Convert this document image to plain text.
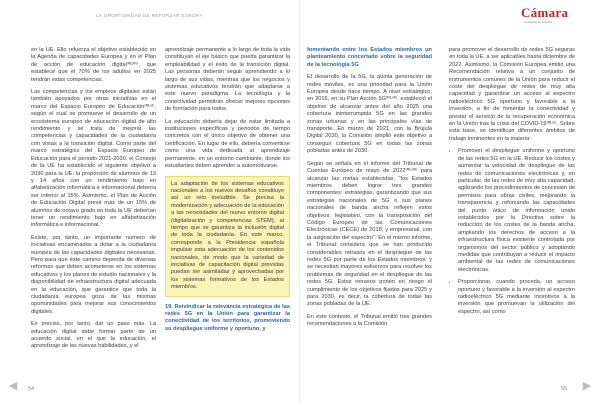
LA OPORTUNIDAD DE REFORZAR EUROPA	Cámara
Comercio de España

en la UE. Ello refuerza el objetivo establecido en la Agenda de capacidades Europea y en el Plan de acción de educación digital⁽ᴿᴸᴿᵛ⁾, que establece que el 70% de los adultos en 2025 tendrán estas competencias.

Las competencias y los empleos digitales están también apoyados por otras iniciativas en el marco del Espacio Europeo de Educación⁽ᴿᴸᵛᴵ⁾, según el cual se promueve el desarrollo de un ecosistema europeo de educación digital de alto rendimiento y se trata de mejorar las competencias y capacidades de la ciudadanía con vistas a la transición digital. Como parte del marco estratégico del Espacio Europeo de Educación para el periodo 2021-2030, el Consejo de la UE ha establecido el siguiente objetivo a 2030 para la UE: la proporción de alumnos de 13 y 14 años con un rendimiento bajo en alfabetización informática e informacional debería ser inferior al 15%. Asimismo, el Plan de Acción de Educación Digital prevé más de un 15% de alumnos de octavo grado en toda la UE deberían tener un rendimiento bajo en alfabetización informática e informacional.

Existe, por tanto, un importante número de iniciativas encaminadas a dotar a la ciudadanía europea de las capacidades digitales necesarias. Pero para que éste camino dependa de diversas reformas que deben acometerse en los sistemas educativos y los planes de estudio nacionales y la disponibilidad de infraestructura digital adecuada en la educación, que garantice que toda la ciudadanía europea goza de las mismas oportunidades para mejorar sus conocimientos digitales.

Es preciso, por tanto, dar un paso más. La educación digital debe formar parte de un acuerdo social, en el que la educación, el aprendizaje de las nuevas habilidades, y el

aprendizaje permanente a lo largo de toda la vida constituyan el eje básico que pueda garantizar la empleabilidad y el éxito de la transición digital. Las personas deberán seguir aprendiendo a lo largo de sus vidas, mientras que los negocios y sistemas educativos tendrán que adaptarse a este nuevo paradigma. La tecnología y la conectividad permitirán ofrecer mejores opciones de formación para todos.

La educación debería dejar de estar limitada a instituciones específicas y periodos de tiempo concretos con el único objetivo de obtener una certificación. En lugar de ello, debería convertirse como una vida dedicada al aprendizaje permanente, en un entorno cambiante, donde los estudiantes deben aprender a automotivarse.

La adaptación de los sistemas educativos nacionales a los nuevos desafíos constituye así un reto ineludible. Se precisa la modernización y adecuación de la educación a las necesidades del nuevo entorno digital (digitalización y competencias STEM), al tiempo que se garantiza la inclusión digital de toda la ciudadanía. En este marco, corresponde a la Presidencia española impulsar esta adecuación de los contenidos nacionales, de modo que la variedad de iniciativas de capacitación digital previstas puedan ser asimiladas y aprovechadas por los sistemas formativos de los Estados miembros.

19. Reivindicar la relevancia estratégica de las redes 5G en la Unión para garantizar la conectividad de los territorios, promoviendo su despliegue uniforme y oportuno, y

fomentando entre los Estados miembros un planteamiento concertado sobre la seguridad de la tecnología 5G

El desarrollo de la 5G, la quinta generación de redes móviles, es una prioridad para la Unión Europea desde hace tiempo. A nivel estratégico, en 2016, en su Plan Acción 5G⁽ᴿᴸᵛᴵᴵ⁾, estableció el objetivo de alcanzar antes del año 2025 una cobertura ininterrumpida 5G en las grandes zonas urbanas y en las principales vías de transporte. En marzo de 2021, con la Brújula Digital 2030, la Comisión amplió este objetivo a conseguir cobertura 5G en todas las zonas pobladas antes de 2030.

Según se señala en el informe del Tribunal de Cuentas Europeo de mayo de 2022⁽ᴿᴸᵛᴵᴵᴵ⁾ para alcanzar las metas establecidas, "los Estados miembros deben lograr tres grandes componentes: estrategias, garantizando que sus estrategias nacionales de 5G o sus planes nacionales de banda ancha reflejen estos objetivos; legislativo, con la transposición del Código Europeo de las Comunicaciones Electrónicas (CECE) de 2018; y empresarial, con la asignación del espectro". En el mismo informe, el Tribunal considera que se han producido considerables retrasos en el despliegue de las redes 5G por parte de los Estados miembros, y se necesitan mayores esfuerzos para resolver los problemas de seguridad en el despliegue de las redes 5G. Estos retrasos ponen en riesgo el cumplimiento de los objetivos fijados para 2025 y para 2030, es decir, la cobertura de todas las zonas pobladas de la UE.

En este contexto, el Tribunal emitió tres grandes recomendaciones a la Comisión

para promover el desarrollo de redes 5G seguras en toda la UE, a ser aplicables hasta diciembre de 2022. Asimismo, la Comisión Europea emitió una Recomendación relativa a un conjunto de instrumentos comunes de la Unión para reducir el coste del despliegue de redes de muy alta capacidad y garantizar un acceso al espectro radioeléctrico 5G oportuno y favorable a la inversión, a fin de fomentar la conectividad y prestar el servicio de la recuperación económica en la Unión tras la crisis del COVID-19⁽ᴿᴸᴵˣ⁾. Sobre esta base, se identifican diferentes ámbitos de trabajo inminentes en la materia:

• Promover el despliegue uniforme y oportuno de las redes 5G en la UE. Reducir los costes y aumentar la velocidad de despliegue de las redes de comunicaciones electrónicas y, en particular, de las redes de muy alta capacidad, agilizando los procedimientos de concesión de permisos para obras civiles, mejorando la transparencia y reforzando las capacidades del punto único de información unido establecidos por la Directiva sobre la reducción de los costes de la banda ancha, ampliando los derechos de acceso a la infraestructura física existente controlada por organismos del sector público y adoptando medidas que contribuyan a reducir el impacto ambiental de las redes de comunicaciones electrónicas.
• Proporcionar, cuando proceda, un acceso oportuno y favorable a la inversión al espectro radioeléctrico 5G mediante incentivos a la inversión que promuevan la utilización del espectro, así como
◀	54	55 ▶
